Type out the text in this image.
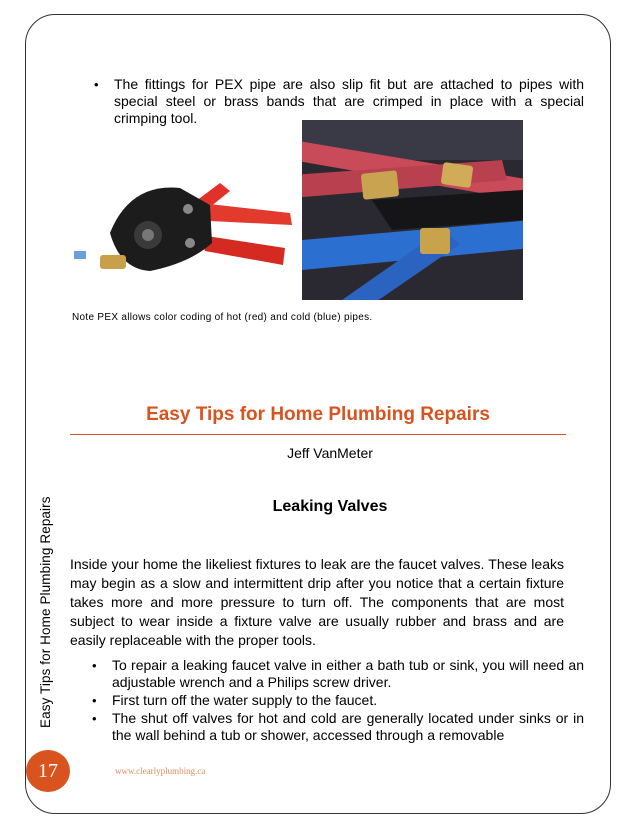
• The fittings for PEX pipe are also slip fit but are attached to pipes with special steel or brass bands that are crimped in place with a special crimping tool.
Note PEX allows color coding of hot (red) and cold (blue) pipes.
Easy Tips for Home Plumbing Repairs
Jeff VanMeter
Leaking Valves

Inside your home the likeliest fixtures to leak are the faucet valves. These leaks may begin as a slow and intermittent drip after you notice that a certain fixture takes more and more pressure to turn off. The components that are most subject to wear inside a fixture valve are usually rubber and brass and are easily replaceable with the proper tools.

• To repair a leaking faucet valve in either a bath tub or sink, you will need an adjustable wrench and a Philips screw driver.
• First turn off the water supply to the faucet.
• The shut off valves for hot and cold are generally located under sinks or in the wall behind a tub or shower, accessed through a removable
Easy Tips for Home Plumbing Repairs
17	www.clearlyplumbing.ca
